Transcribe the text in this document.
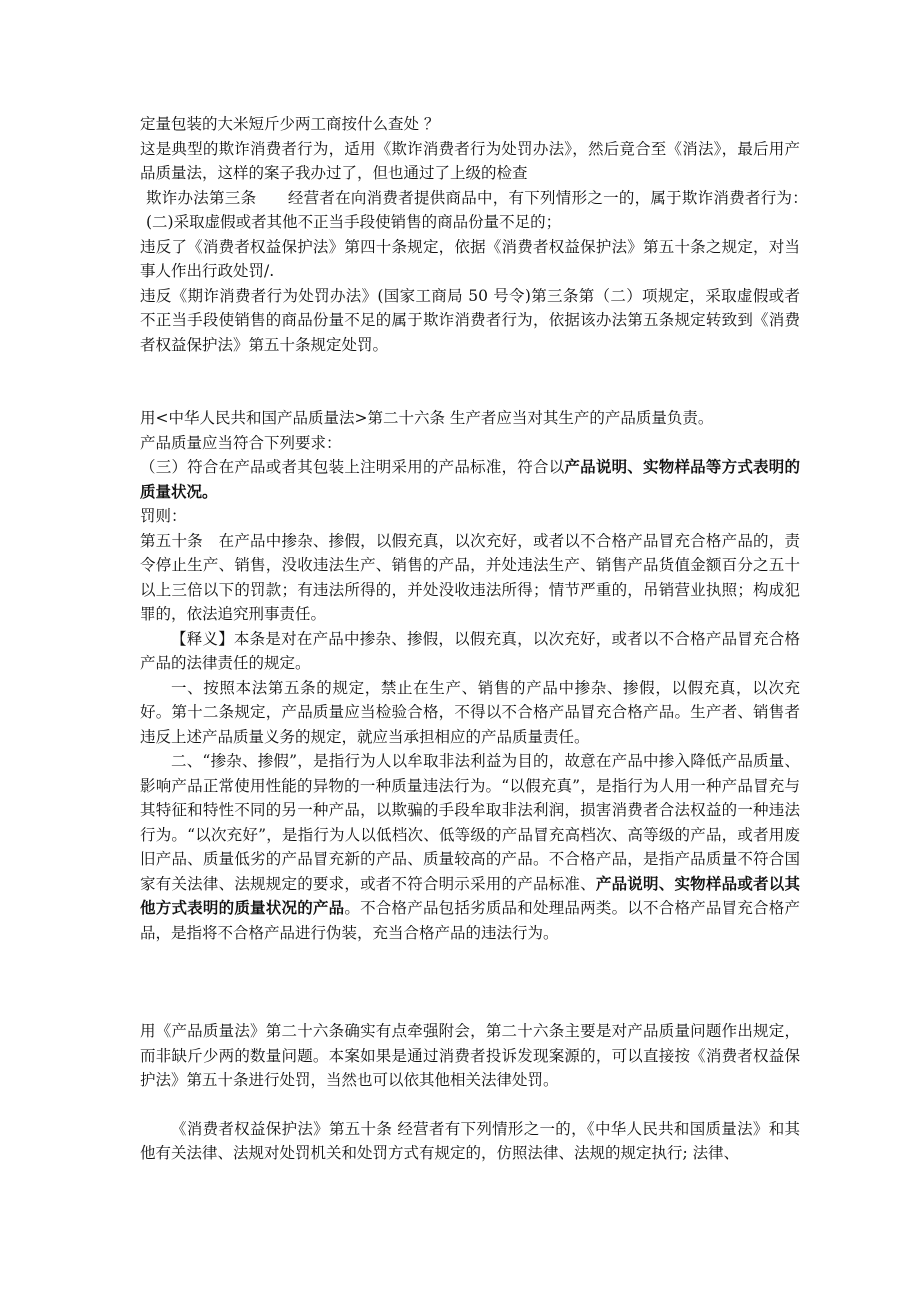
定量包装的大米短斤少两工商按什么查处 ？

这是典型的欺诈消费者行为，适用《欺诈消费者行为处罚办法》，然后竟合至《消法》，最后用产品质量法，这样的案子我办过了，但也通过了上级的检查

欺诈办法第三条　　经营者在向消费者提供商品中，有下列情形之一的，属于欺诈消费者行为：　(二)采取虚假或者其他不正当手段使销售的商品份量不足的；

违反了《消费者权益保护法》第四十条规定，依据《消费者权益保护法》第五十条之规定，对当事人作出行政处罚/.

违反《期诈消费者行为处罚办法》(国家工商局 50 号令)第三条第（二）项规定，采取虚假或者不正当手段使销售的商品份量不足的属于欺诈消费者行为，依据该办法第五条规定转致到《消费者权益保护法》第五十条规定处罚。

用<中华人民共和国产品质量法>第二十六条 生产者应当对其生产的产品质量负责。

产品质量应当符合下列要求：

（三）符合在产品或者其包装上注明采用的产品标准，符合以产品说明、实物样品等方式表明的质量状况。

罚则：

第五十条　在产品中掺杂、掺假，以假充真，以次充好，或者以不合格产品冒充合格产品的，责令停止生产、销售，没收违法生产、销售的产品，并处违法生产、销售产品货值金额百分之五十以上三倍以下的罚款；有违法所得的，并处没收违法所得；情节严重的，吊销营业执照；构成犯罪的，依法追究刑事责任。

【释义】本条是对在产品中掺杂、掺假，以假充真，以次充好，或者以不合格产品冒充合格产品的法律责任的规定。

一、按照本法第五条的规定，禁止在生产、销售的产品中掺杂、掺假，以假充真，以次充好。第十二条规定，产品质量应当检验合格，不得以不合格产品冒充合格产品。生产者、销售者违反上述产品质量义务的规定，就应当承担相应的产品质量责任。

二、“掺杂、掺假”，是指行为人以牟取非法利益为目的，故意在产品中掺入降低产品质量、影响产品正常使用性能的异物的一种质量违法行为。“以假充真”，是指行为人用一种产品冒充与其特征和特性不同的另一种产品，以欺骗的手段牟取非法利润，损害消费者合法权益的一种违法行为。“以次充好”，是指行为人以低档次、低等级的产品冒充高档次、高等级的产品，或者用废旧产品、质量低劣的产品冒充新的产品、质量较高的产品。不合格产品，是指产品质量不符合国家有关法律、法规规定的要求，或者不符合明示采用的产品标准、产品说明、实物样品或者以其他方式表明的质量状况的产品。不合格产品包括劣质品和处理品两类。以不合格产品冒充合格产品，是指将不合格产品进行伪装，充当合格产品的违法行为。

用《产品质量法》第二十六条确实有点牵强附会，第二十六条主要是对产品质量问题作出规定，而非缺斤少两的数量问题。本案如果是通过消费者投诉发现案源的，可以直接按《消费者权益保护法》第五十条进行处罚，当然也可以依其他相关法律处罚。

《消费者权益保护法》第五十条 经营者有下列情形之一的，《中华人民共和国质量法》和其他有关法律、法规对处罚机关和处罚方式有规定的，仿照法律、法规的规定执行; 法律、
